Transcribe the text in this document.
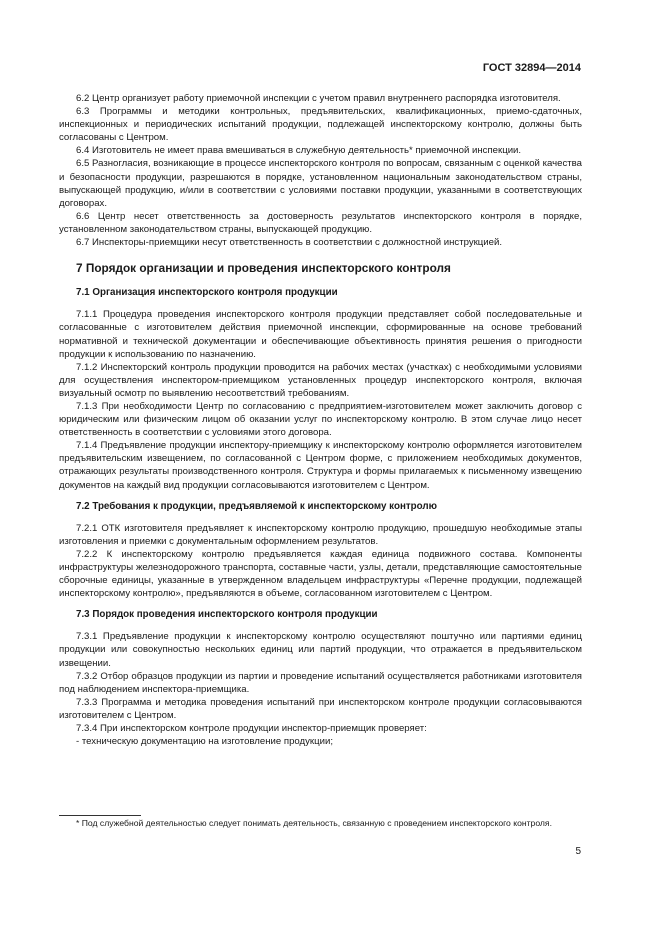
ГОСТ 32894—2014

6.2 Центр организует работу приемочной инспекции с учетом правил внутреннего распорядка изготовителя.

6.3 Программы и методики контрольных, предъявительских, квалификационных, приемо-сдаточных, инспекционных и периодических испытаний продукции, подлежащей инспекторскому контролю, должны быть согласованы с Центром.

6.4 Изготовитель не имеет права вмешиваться в служебную деятельность* приемочной инспекции.

6.5 Разногласия, возникающие в процессе инспекторского контроля по вопросам, связанным с оценкой качества и безопасности продукции, разрешаются в порядке, установленном национальным законодательством страны, выпускающей продукцию, и/или в соответствии с условиями поставки продукции, указанными в соответствующих договорах.

6.6 Центр несет ответственность за достоверность результатов инспекторского контроля в порядке, установленном законодательством страны, выпускающей продукцию.

6.7 Инспекторы-приемщики несут ответственность в соответствии с должностной инструкцией.

7 Порядок организации и проведения инспекторского контроля
7.1 Организация инспекторского контроля продукции

7.1.1 Процедура проведения инспекторского контроля продукции представляет собой последовательные и согласованные с изготовителем действия приемочной инспекции, сформированные на основе требований нормативной и технической документации и обеспечивающие объективность принятия решения о пригодности продукции к использованию по назначению.

7.1.2 Инспекторский контроль продукции проводится на рабочих местах (участках) с необходимыми условиями для осуществления инспектором-приемщиком установленных процедур инспекторского контроля, включая визуальный осмотр по выявлению несоответствий требованиям.

7.1.3 При необходимости Центр по согласованию с предприятием-изготовителем может заключить договор с юридическим или физическим лицом об оказании услуг по инспекторскому контролю. В этом случае лицо несет ответственность в соответствии с условиями этого договора.

7.1.4 Предъявление продукции инспектору-приемщику к инспекторскому контролю оформляется изготовителем предъявительским извещением, по согласованной с Центром форме, с приложением необходимых документов, отражающих результаты производственного контроля. Структура и формы прилагаемых к письменному извещению документов на каждый вид продукции согласовываются изготовителем с Центром.

7.2 Требования к продукции, предъявляемой к инспекторскому контролю

7.2.1 ОТК изготовителя предъявляет к инспекторскому контролю продукцию, прошедшую необходимые этапы изготовления и приемки с документальным оформлением результатов.

7.2.2 К инспекторскому контролю предъявляется каждая единица подвижного состава. Компоненты инфраструктуры железнодорожного транспорта, составные части, узлы, детали, представляющие самостоятельные сборочные единицы, указанные в утвержденном владельцем инфраструктуры «Перечне продукции, подлежащей инспекторскому контролю», предъявляются в объеме, согласованном изготовителем с Центром.

7.3 Порядок проведения инспекторского контроля продукции

7.3.1 Предъявление продукции к инспекторскому контролю осуществляют поштучно или партиями единиц продукции или совокупностью нескольких единиц или партий продукции, что отражается в предъявительском извещении.

7.3.2 Отбор образцов продукции из партии и проведение испытаний осуществляется работниками изготовителя под наблюдением инспектора-приемщика.

7.3.3 Программа и методика проведения испытаний при инспекторском контроле продукции согласовываются изготовителем с Центром.

7.3.4 При инспекторском контроле продукции инспектор-приемщик проверяет:

- техническую документацию на изготовление продукции;

* Под служебной деятельностью следует понимать деятельность, связанную с проведением инспекторского контроля.
5
